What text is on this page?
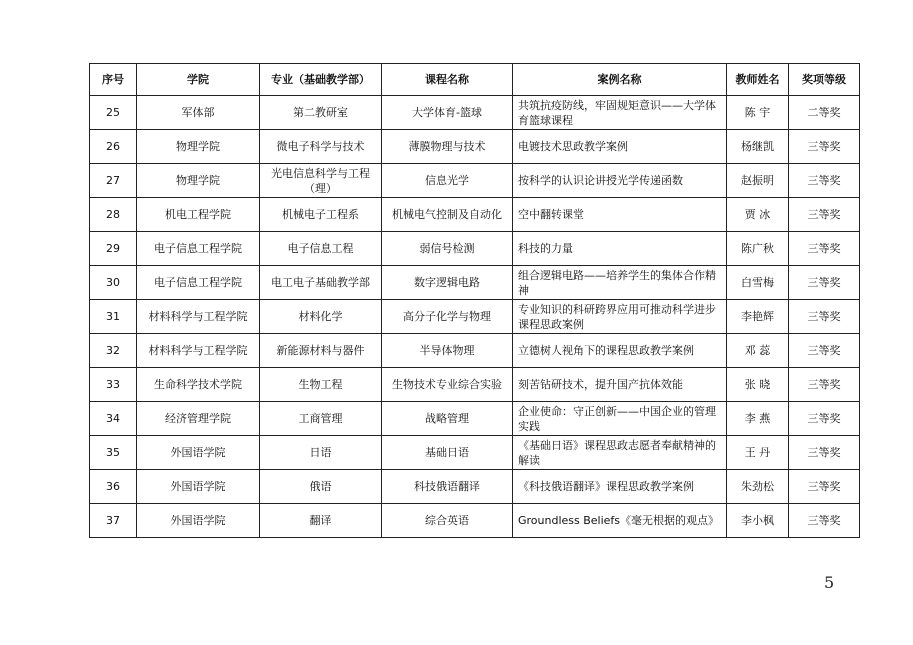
序号	学院	专业（基础教学部）	课程名称	案例名称	教师姓名	奖项等级
25	军体部	第二教研室	大学体育-篮球	共筑抗疫防线，牢固规矩意识——大学体育篮球课程	陈 宇	二等奖
26	物理学院	微电子科学与技术	薄膜物理与技术	电镀技术思政教学案例	杨继凯	三等奖
27	物理学院	光电信息科学与工程（理）	信息光学	按科学的认识论讲授光学传递函数	赵振明	三等奖
28	机电工程学院	机械电子工程系	机械电气控制及自动化	空中翻转课堂	贾 冰	三等奖
29	电子信息工程学院	电子信息工程	弱信号检测	科技的力量	陈广秋	三等奖
30	电子信息工程学院	电工电子基础教学部	数字逻辑电路	组合逻辑电路——培养学生的集体合作精神	白雪梅	三等奖
31	材料科学与工程学院	材料化学	高分子化学与物理	专业知识的科研跨界应用可推动科学进步课程思政案例	李艳辉	三等奖
32	材料科学与工程学院	新能源材料与器件	半导体物理	立德树人视角下的课程思政教学案例	邓 蕊	三等奖
33	生命科学技术学院	生物工程	生物技术专业综合实验	刻苦钻研技术，提升国产抗体效能	张 晓	三等奖
34	经济管理学院	工商管理	战略管理	企业使命：守正创新——中国企业的管理实践	李 燕	三等奖
35	外国语学院	日语	基础日语	《基础日语》课程思政志愿者奉献精神的解读	王 丹	三等奖
36	外国语学院	俄语	科技俄语翻译	《科技俄语翻译》课程思政教学案例	朱劲松	三等奖
37	外国语学院	翻译	综合英语	Groundless Beliefs《毫无根据的观点》	李小枫	三等奖
5
